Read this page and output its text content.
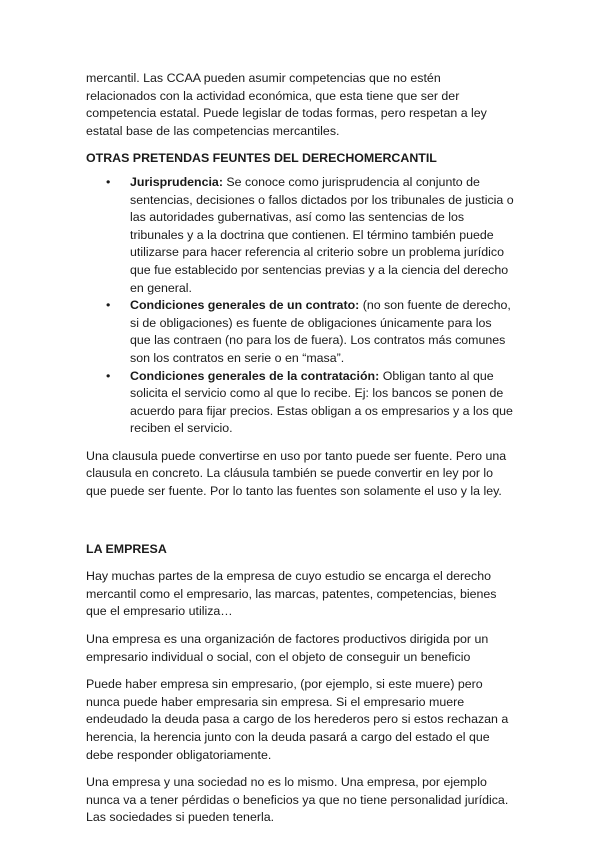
mercantil. Las CCAA pueden asumir competencias que no estén relacionados con la actividad económica, que esta tiene que ser der competencia estatal. Puede legislar de todas formas, pero respetan a ley estatal base de las competencias mercantiles.

OTRAS PRETENDAS FEUNTES DEL DERECHOMERCANTIL
• Jurisprudencia: Se conoce como jurisprudencia al conjunto de sentencias, decisiones o fallos dictados por los tribunales de justicia o las autoridades gubernativas, así como las sentencias de los tribunales y a la doctrina que contienen. El término también puede utilizarse para hacer referencia al criterio sobre un problema jurídico que fue establecido por sentencias previas y a la ciencia del derecho en general.
• Condiciones generales de un contrato: (no son fuente de derecho, si de obligaciones) es fuente de obligaciones únicamente para los que las contraen (no para los de fuera). Los contratos más comunes son los contratos en serie o en “masa”.
• Condiciones generales de la contratación: Obligan tanto al que solicita el servicio como al que lo recibe. Ej: los bancos se ponen de acuerdo para fijar precios. Estas obligan a os empresarios y a los que reciben el servicio.

Una clausula puede convertirse en uso por tanto puede ser fuente. Pero una clausula en concreto. La cláusula también se puede convertir en ley por lo que puede ser fuente. Por lo tanto las fuentes son solamente el uso y la ley.

LA EMPRESA

Hay muchas partes de la empresa de cuyo estudio se encarga el derecho mercantil como el empresario, las marcas, patentes, competencias, bienes que el empresario utiliza…

Una empresa es una organización de factores productivos dirigida por un empresario individual o social, con el objeto de conseguir un beneficio

Puede haber empresa sin empresario, (por ejemplo, si este muere) pero nunca puede haber empresaria sin empresa. Si el empresario muere endeudado la deuda pasa a cargo de los herederos pero si estos rechazan a herencia, la herencia junto con la deuda pasará a cargo del estado el que debe responder obligatoriamente.

Una empresa y una sociedad no es lo mismo. Una empresa, por ejemplo nunca va a tener pérdidas o beneficios ya que no tiene personalidad jurídica. Las sociedades si pueden tenerla.
